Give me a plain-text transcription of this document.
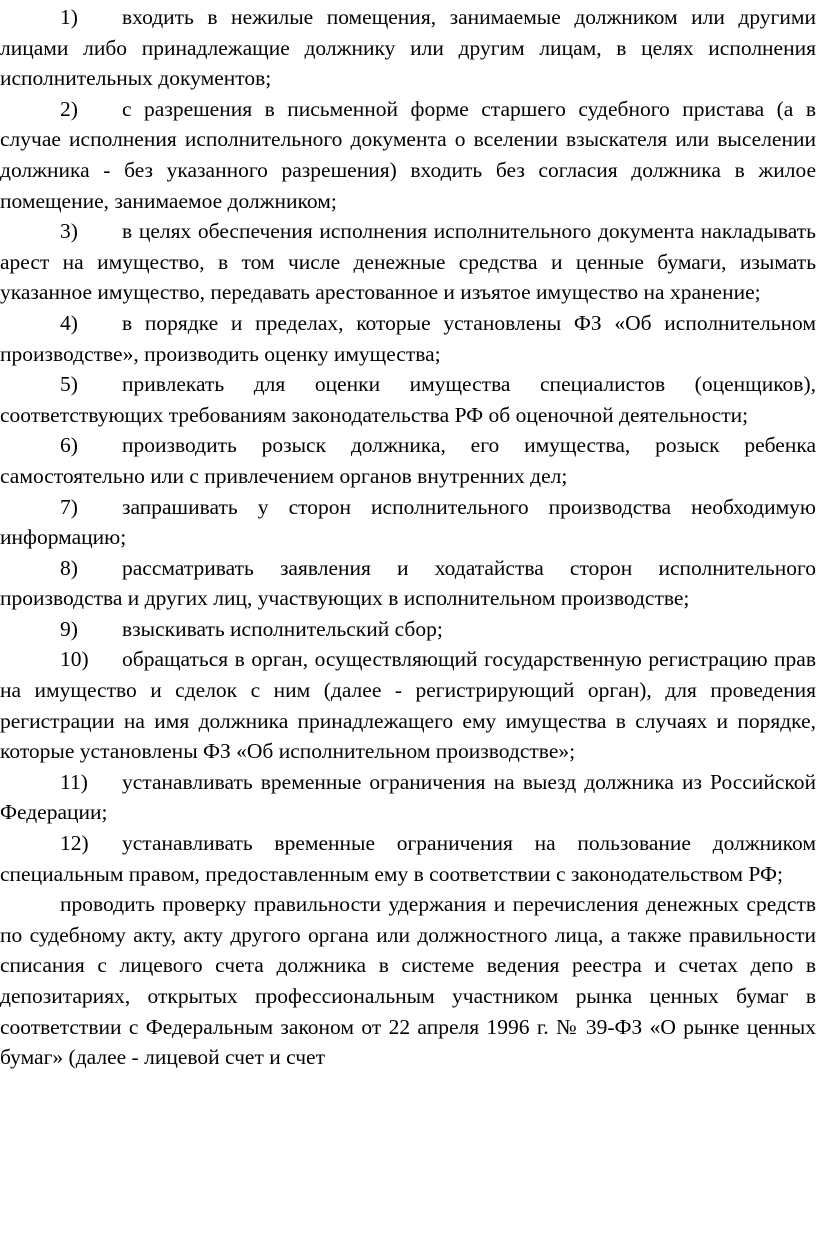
1) входить в нежилые помещения, занимаемые должником или другими лицами либо принадлежащие должнику или другим лицам, в целях исполнения исполнительных документов;

2) с разрешения в письменной форме старшего судебного пристава (а в случае исполнения исполнительного документа о вселении взыскателя или выселении должника - без указанного разрешения) входить без согласия должника в жилое помещение, занимаемое должником;

3) в целях обеспечения исполнения исполнительного документа накладывать арест на имущество, в том числе денежные средства и ценные бумаги, изымать указанное имущество, передавать арестованное и изъятое имущество на хранение;

4) в порядке и пределах, которые установлены ФЗ «Об исполнительном производстве», производить оценку имущества;

5) привлекать для оценки имущества специалистов (оценщиков), соответствующих требованиям законодательства РФ об оценочной деятельности;

6) производить розыск должника, его имущества, розыск ребенка самостоятельно или с привлечением органов внутренних дел;

7) запрашивать у сторон исполнительного производства необходимую информацию;

8) рассматривать заявления и ходатайства сторон исполнительного производства и других лиц, участвующих в исполнительном производстве;

9) взыскивать исполнительский сбор;

10) обращаться в орган, осуществляющий государственную регистрацию прав на имущество и сделок с ним (далее - регистрирующий орган), для проведения регистрации на имя должника принадлежащего ему имущества в случаях и порядке, которые установлены ФЗ «Об исполнительном производстве»;

11) устанавливать временные ограничения на выезд должника из Российской Федерации;

12) устанавливать временные ограничения на пользование должником специальным правом, предоставленным ему в соответствии с законодательством РФ;

проводить проверку правильности удержания и перечисления денежных средств по судебному акту, акту другого органа или должностного лица, а также правильности списания с лицевого счета должника в системе ведения реестра и счетах депо в депозитариях, открытых профессиональным участником рынка ценных бумаг в соответствии с Федеральным законом от 22 апреля 1996 г. № 39-ФЗ «О рынке ценных бумаг» (далее - лицевой счет и счет
